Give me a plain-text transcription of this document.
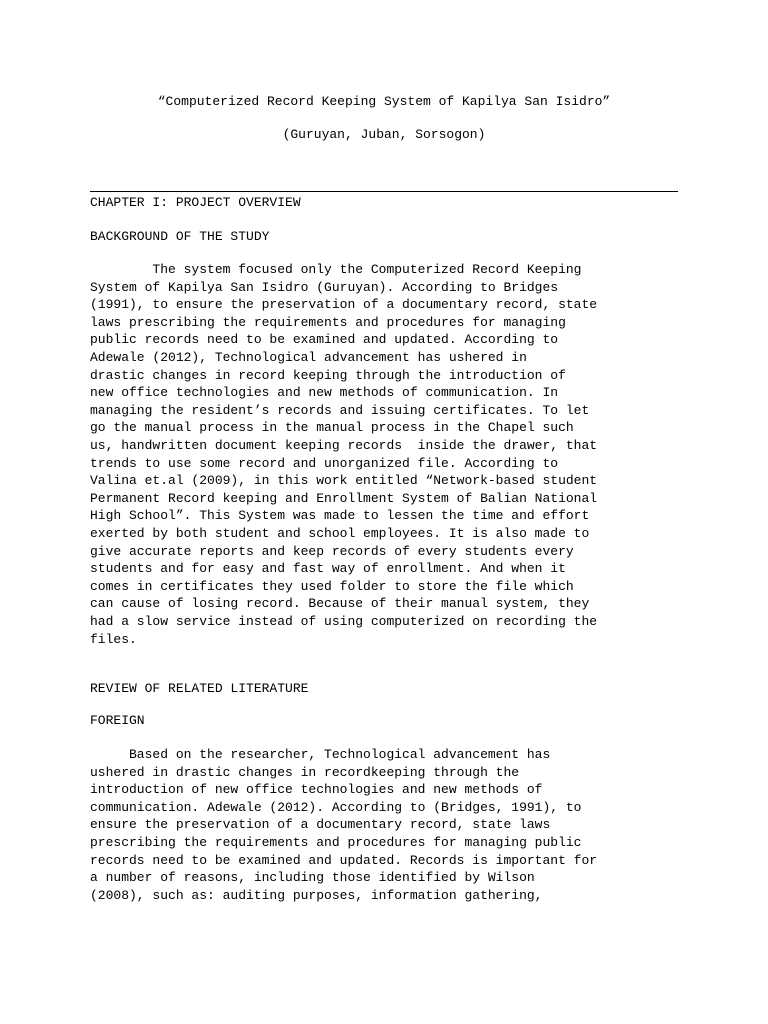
“Computerized Record Keeping System of Kapilya San Isidro”
(Guruyan, Juban, Sorsogon)
CHAPTER I: PROJECT OVERVIEW
BACKGROUND OF THE STUDY
The system focused only the Computerized Record Keeping
System of Kapilya San Isidro (Guruyan). According to Bridges
(1991), to ensure the preservation of a documentary record, state
laws prescribing the requirements and procedures for managing
public records need to be examined and updated. According to
Adewale (2012), Technological advancement has ushered in
drastic changes in record keeping through the introduction of
new office technologies and new methods of communication. In
managing the resident’s records and issuing certificates. To let
go the manual process in the manual process in the Chapel such
us, handwritten document keeping records  inside the drawer, that
trends to use some record and unorganized file. According to
Valina et.al (2009), in this work entitled “Network-based student
Permanent Record keeping and Enrollment System of Balian National
High School”. This System was made to lessen the time and effort
exerted by both student and school employees. It is also made to
give accurate reports and keep records of every students every
students and for easy and fast way of enrollment. And when it
comes in certificates they used folder to store the file which
can cause of losing record. Because of their manual system, they
had a slow service instead of using computerized on recording the
files.
REVIEW OF RELATED LITERATURE
FOREIGN
Based on the researcher, Technological advancement has
ushered in drastic changes in recordkeeping through the
introduction of new office technologies and new methods of
communication. Adewale (2012). According to (Bridges, 1991), to
ensure the preservation of a documentary record, state laws
prescribing the requirements and procedures for managing public
records need to be examined and updated. Records is important for
a number of reasons, including those identified by Wilson
(2008), such as: auditing purposes, information gathering,
